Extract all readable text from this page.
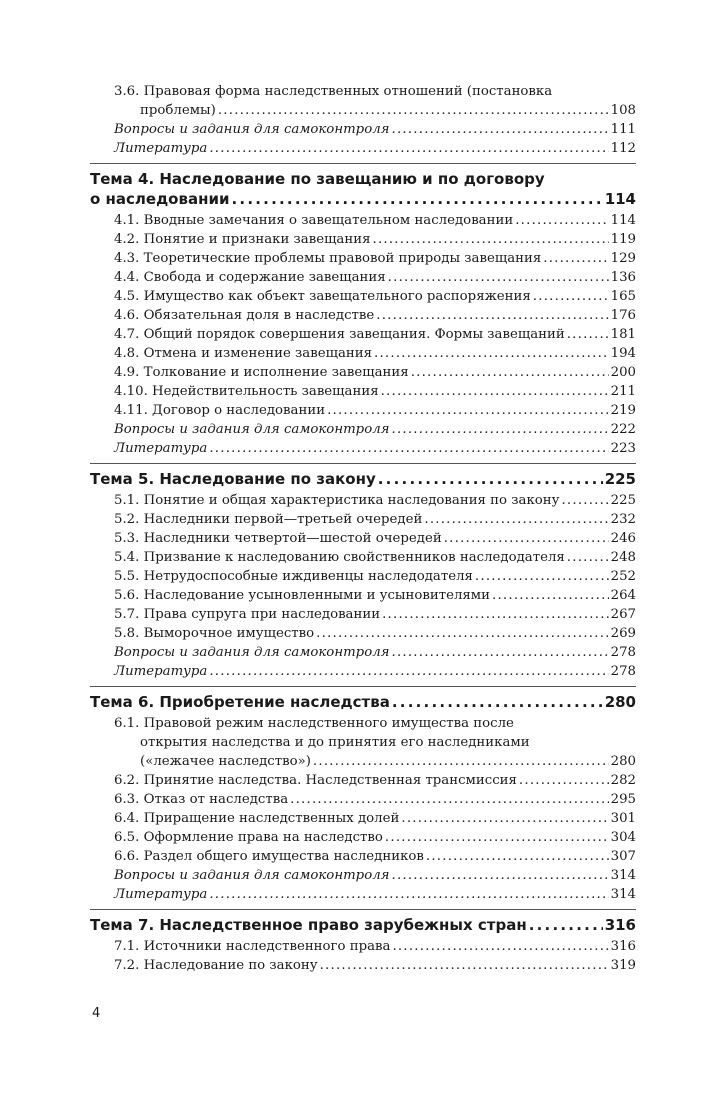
3.6. Правовая форма наследственных отношений (постановка
проблемы) . . .	108
Вопросы и задания для самоконтроля . . .	111
Литература . . .	112
Тема 4. Наследование по завещанию и по договору
о наследовании . . .	114
4.1. Вводные замечания о завещательном наследовании . . .	114
4.2. Понятие и признаки завещания . . .	119
4.3. Теоретические проблемы правовой природы завещания . . .	129
4.4. Свобода и содержание завещания . . .	136
4.5. Имущество как объект завещательного распоряжения . . .	165
4.6. Обязательная доля в наследстве . . .	176
4.7. Общий порядок совершения завещания. Формы завещаний . . .	181
4.8. Отмена и изменение завещания . . .	194
4.9. Толкование и исполнение завещания . . .	200
4.10. Недействительность завещания . . .	211
4.11. Договор о наследовании . . .	219
Вопросы и задания для самоконтроля . . .	222
Литература . . .	223
Тема 5. Наследование по закону . . .	225
5.1. Понятие и общая характеристика наследования по закону . . .	225
5.2. Наследники первой—третьей очередей . . .	232
5.3. Наследники четвертой—шестой очередей . . .	246
5.4. Призвание к наследованию свойственников наследодателя . . .	248
5.5. Нетрудоспособные иждивенцы наследодателя . . .	252
5.6. Наследование усыновленными и усыновителями . . .	264
5.7. Права супруга при наследовании . . .	267
5.8. Выморочное имущество . . .	269
Вопросы и задания для самоконтроля . . .	278
Литература . . .	278
Тема 6. Приобретение наследства . . .	280
6.1. Правовой режим наследственного имущества после
открытия наследства и до принятия его наследниками
(«лежачее наследство») . . .	280
6.2. Принятие наследства. Наследственная трансмиссия . . .	282
6.3. Отказ от наследства . . .	295
6.4. Приращение наследственных долей . . .	301
6.5. Оформление права на наследство . . .	304
6.6. Раздел общего имущества наследников . . .	307
Вопросы и задания для самоконтроля . . .	314
Литература . . .	314
Тема 7. Наследственное право зарубежных стран . . .	316
7.1. Источники наследственного права . . .	316
7.2. Наследование по закону . . .	319
4
